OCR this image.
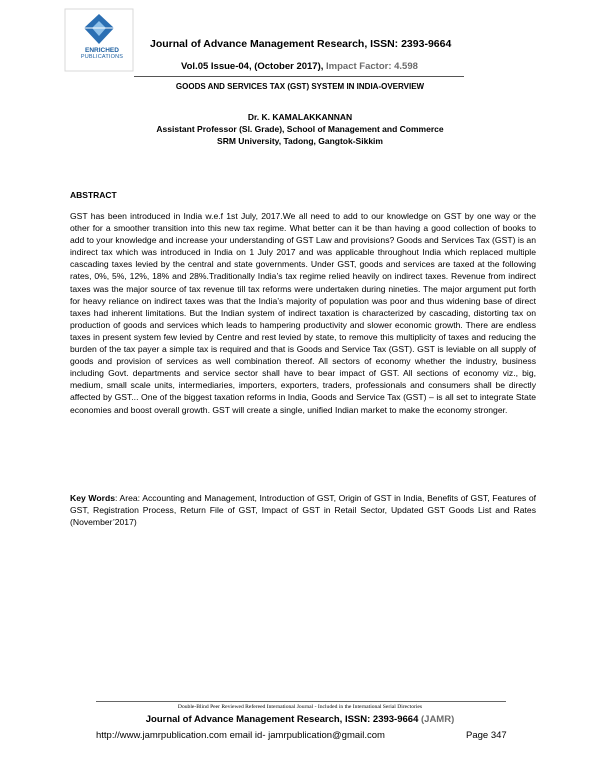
ENRICHED
PUBLICATIONS
Journal of Advance Management Research, ISSN: 2393-9664
Vol.05 Issue-04, (October 2017), Impact Factor: 4.598
GOODS AND SERVICES TAX (GST) SYSTEM IN INDIA-OVERVIEW
Dr. K. KAMALAKKANNAN
Assistant Professor (Sl. Grade), School of Management and Commerce
SRM University, Tadong, Gangtok-Sikkim
ABSTRACT
GST has been introduced in India w.e.f 1st July, 2017.We all need to add to our knowledge on GST by one way or the other for a smoother transition into this new tax regime. What better can it be than having a good collection of books to add to your knowledge and increase your understanding of GST Law and provisions? Goods and Services Tax (GST) is an indirect tax which was introduced in India on 1 July 2017 and was applicable throughout India which replaced multiple cascading taxes levied by the central and state governments. Under GST, goods and services are taxed at the following rates, 0%, 5%, 12%, 18% and 28%.Traditionally India’s tax regime relied heavily on indirect taxes. Revenue from indirect taxes was the major source of tax revenue till tax reforms were undertaken during nineties. The major argument put forth for heavy reliance on indirect taxes was that the India’s majority of population was poor and thus widening base of direct taxes had inherent limitations. But the Indian system of indirect taxation is characterized by cascading, distorting tax on production of goods and services which leads to hampering productivity and slower economic growth. There are endless taxes in present system few levied by Centre and rest levied by state, to remove this multiplicity of taxes and reducing the burden of the tax payer a simple tax is required and that is Goods and Service Tax (GST). GST is leviable on all supply of goods and provision of services as well combination thereof. All sectors of economy whether the industry, business including Govt. departments and service sector shall have to bear impact of GST. All sections of economy viz., big, medium, small scale units, intermediaries, importers, exporters, traders, professionals and consumers shall be directly affected by GST... One of the biggest taxation reforms in India, Goods and Service Tax (GST) – is all set to integrate State economies and boost overall growth. GST will create a single, unified Indian market to make the economy stronger.
Key Words: Area: Accounting and Management, Introduction of GST, Origin of GST in India, Benefits of GST, Features of GST, Registration Process, Return File of GST, Impact of GST in Retail Sector, Updated GST Goods List and Rates (November’2017)
Double-Blind Peer Reviewed Refereed International Journal - Included in the International Serial Directories
Journal of Advance Management Research, ISSN: 2393-9664 (JAMR)
http://www.jamrpublication.com email id- jamrpublication@gmail.com	Page 347
